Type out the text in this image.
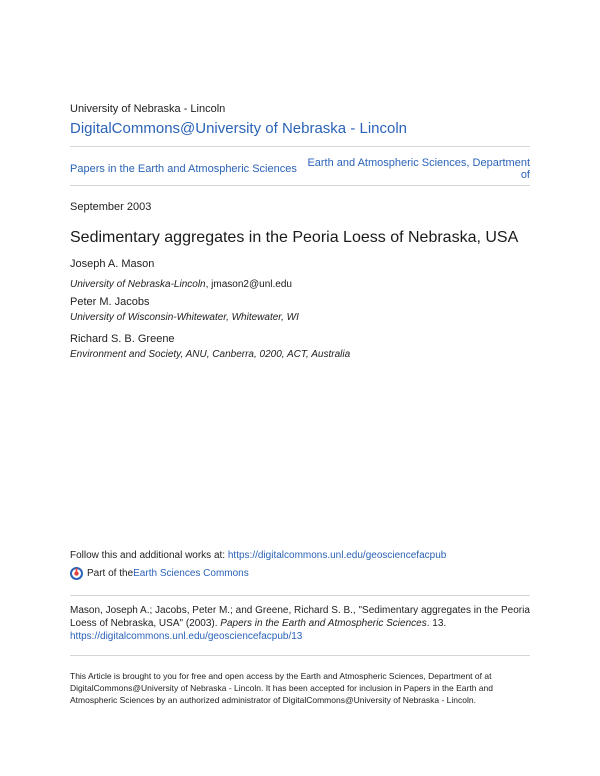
University of Nebraska - Lincoln
DigitalCommons@University of Nebraska - Lincoln
Papers in the Earth and Atmospheric Sciences Earth and Atmospheric Sciences, Department of
September 2003
Sedimentary aggregates in the Peoria Loess of Nebraska, USA
Joseph A. Mason
University of Nebraska-Lincoln, jmason2@unl.edu
Peter M. Jacobs
University of Wisconsin-Whitewater, Whitewater, WI
Richard S. B. Greene
Environment and Society, ANU, Canberra, 0200, ACT, Australia
Follow this and additional works at: https://digitalcommons.unl.edu/geosciencefacpub
Part of the Earth Sciences Commons
Mason, Joseph A.; Jacobs, Peter M.; and Greene, Richard S. B., "Sedimentary aggregates in the Peoria Loess of Nebraska, USA" (2003). Papers in the Earth and Atmospheric Sciences. 13.
https://digitalcommons.unl.edu/geosciencefacpub/13
This Article is brought to you for free and open access by the Earth and Atmospheric Sciences, Department of at DigitalCommons@University of Nebraska - Lincoln. It has been accepted for inclusion in Papers in the Earth and Atmospheric Sciences by an authorized administrator of DigitalCommons@University of Nebraska - Lincoln.
